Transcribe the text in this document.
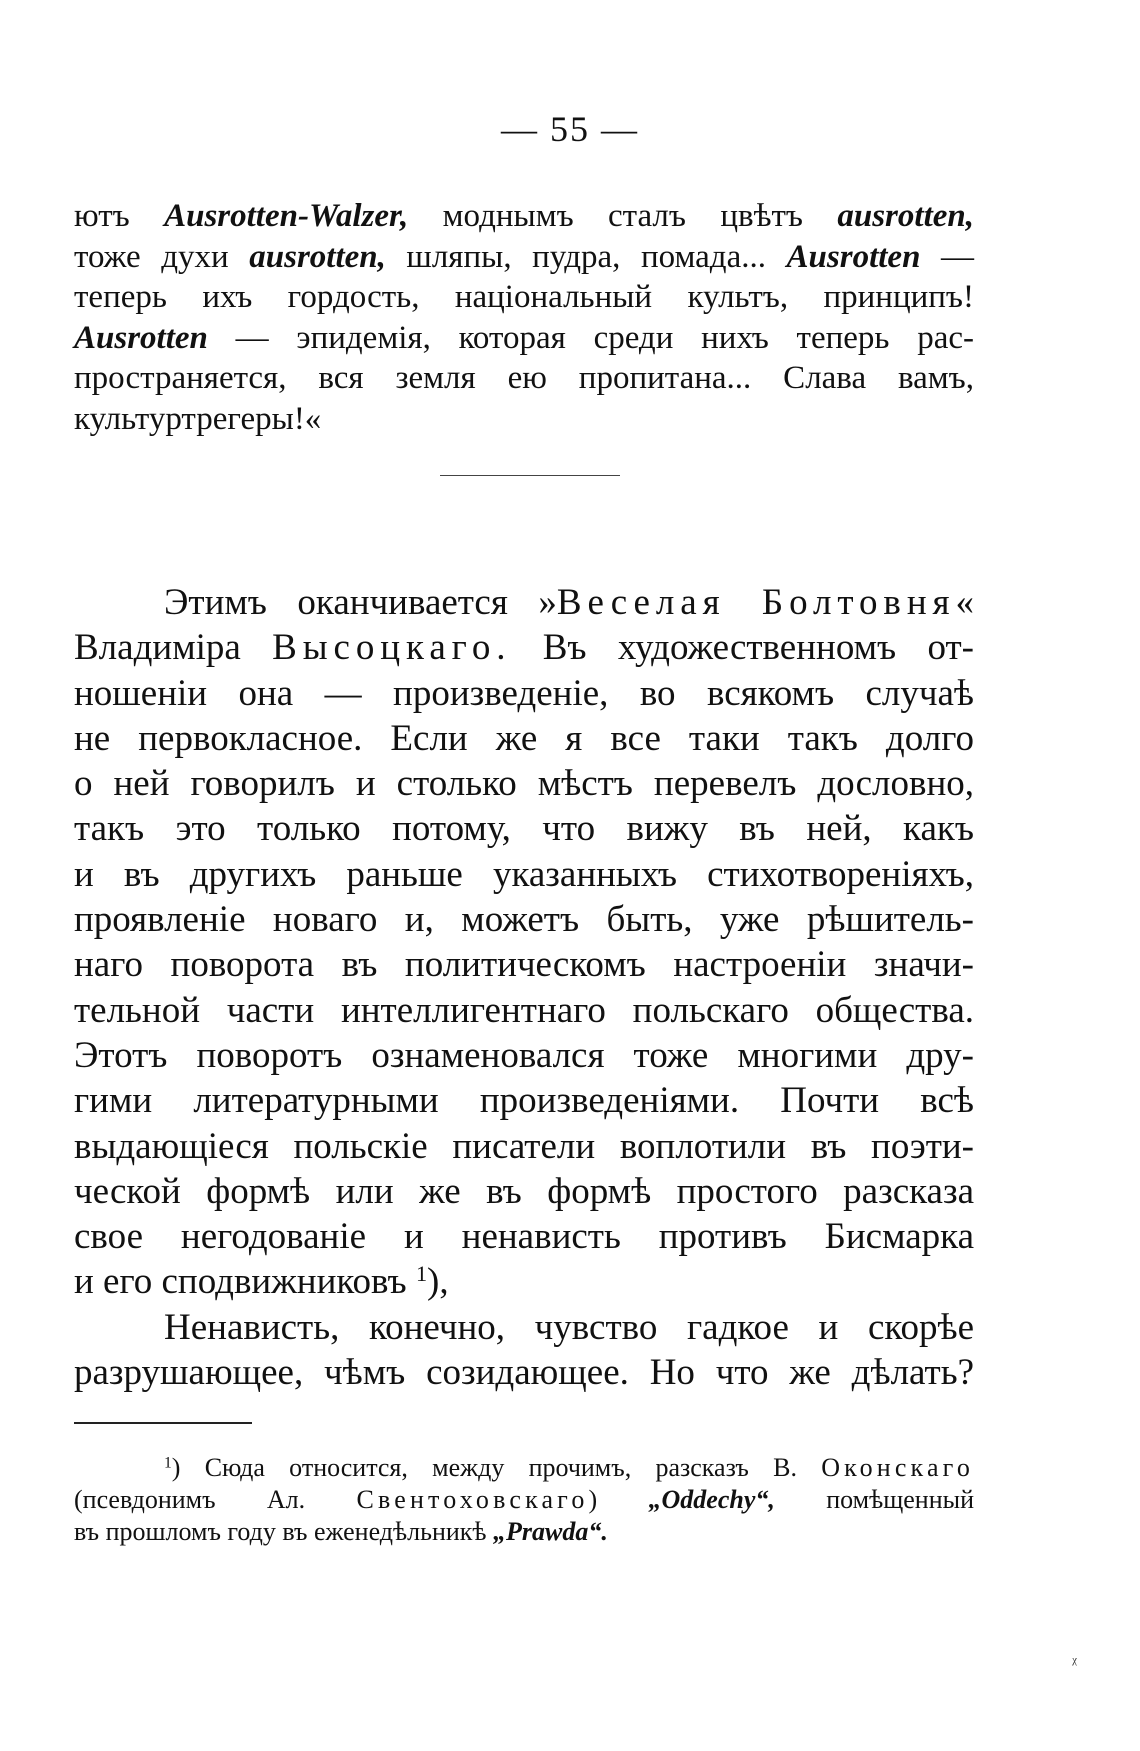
— 55 —
ютъ Ausrotten-Walzer, моднымъ сталъ цвѣтъ ausrotten,
тоже духи ausrotten, шляпы, пудра, помада... Ausrotten —
теперь ихъ гордость, національный культъ, принципъ!
Ausrotten — эпидемія, которая среди нихъ теперь рас-
пространяется, вся земля ею пропитана... Слава вамъ,
культуртрегеры!«
Этимъ оканчивается »Веселая Болтовня«
Владиміра Высоцкаго. Въ художественномъ от-
ношеніи она — произведеніе, во всякомъ случаѣ
не первокласное. Если же я все таки такъ долго
о ней говорилъ и столько мѣстъ перевелъ дословно,
такъ это только потому, что вижу въ ней, какъ
и въ другихъ раньше указанныхъ стихотвореніяхъ,
проявленіе новаго и, можетъ быть, уже рѣшитель-
наго поворота въ политическомъ настроеніи значи-
тельной части интеллигентнаго польскаго общества.
Этотъ поворотъ ознаменовался тоже многими дру-
гими литературными произведеніями. Почти всѣ
выдающіеся польскіе писатели воплотили въ поэти-
ческой формѣ или же въ формѣ простого разсказа
свое негодованіе и ненависть противъ Бисмарка
и его сподвижниковъ $^1$),
Ненависть, конечно, чувство гадкое и скорѣе
разрушающее, чѣмъ созидающее. Но что же дѣлать?
$^1$) Сюда относится, между прочимъ, разсказъ В. Оконскаго
(псевдонимъ Ал. Свентоховскаго) „Oddechy“, помѣщенный
въ прошломъ году въ еженедѣльникѣ „Prawda“.
ᵡ
